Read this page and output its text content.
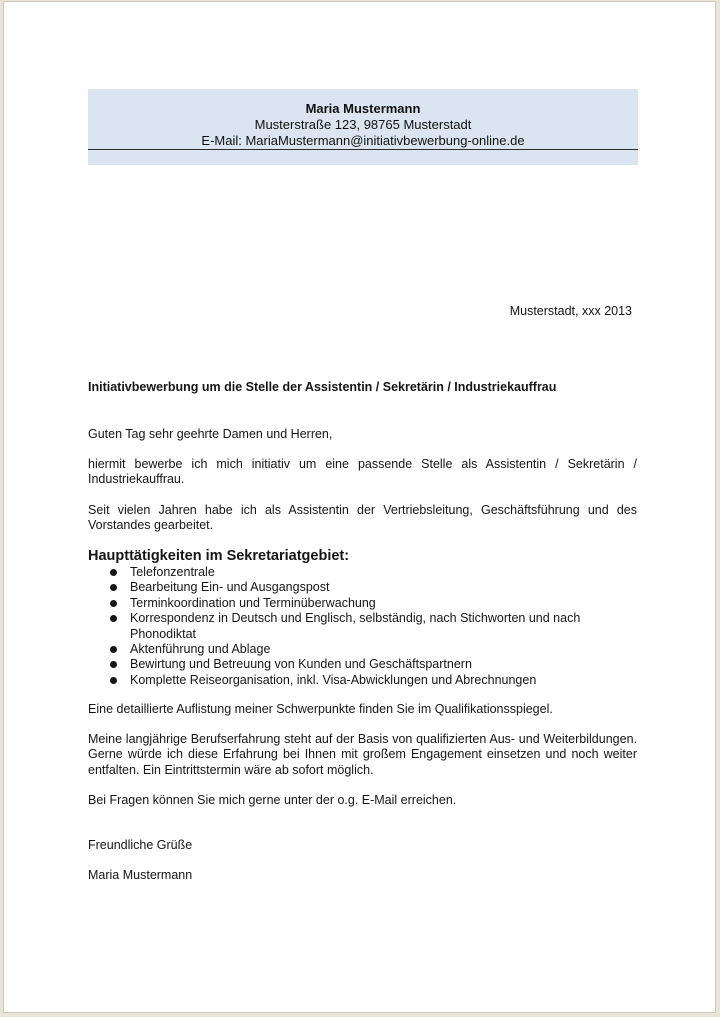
Maria Mustermann
Musterstraße 123, 98765 Musterstadt
E-Mail: MariaMustermann@initiativbewerbung-online.de
Musterstadt, xxx 2013
Initiativbewerbung um die Stelle der Assistentin / Sekretärin / Industriekauffrau
Guten Tag sehr geehrte Damen und Herren,
hiermit bewerbe ich mich initiativ um eine passende Stelle als Assistentin / Sekretärin / Industriekauffrau.
Seit vielen Jahren habe ich als Assistentin der Vertriebsleitung, Geschäftsführung und des Vorstandes gearbeitet.
Haupttätigkeiten im Sekretariatgebiet:
Telefonzentrale
Bearbeitung Ein- und Ausgangspost
Terminkoordination und Terminüberwachung
Korrespondenz in Deutsch und Englisch, selbständig, nach Stichworten und nach Phonodiktat
Aktenführung und Ablage
Bewirtung und Betreuung von Kunden und Geschäftspartnern
Komplette Reiseorganisation, inkl. Visa-Abwicklungen und Abrechnungen
Eine detaillierte Auflistung meiner Schwerpunkte finden Sie im Qualifikationsspiegel.
Meine langjährige Berufserfahrung steht auf der Basis von qualifizierten Aus- und Weiterbildungen. Gerne würde ich diese Erfahrung bei Ihnen mit großem Engagement einsetzen und noch weiter entfalten. Ein Eintrittstermin wäre ab sofort möglich.
Bei Fragen können Sie mich gerne unter der o.g. E-Mail erreichen.
Freundliche Grüße
Maria Mustermann
